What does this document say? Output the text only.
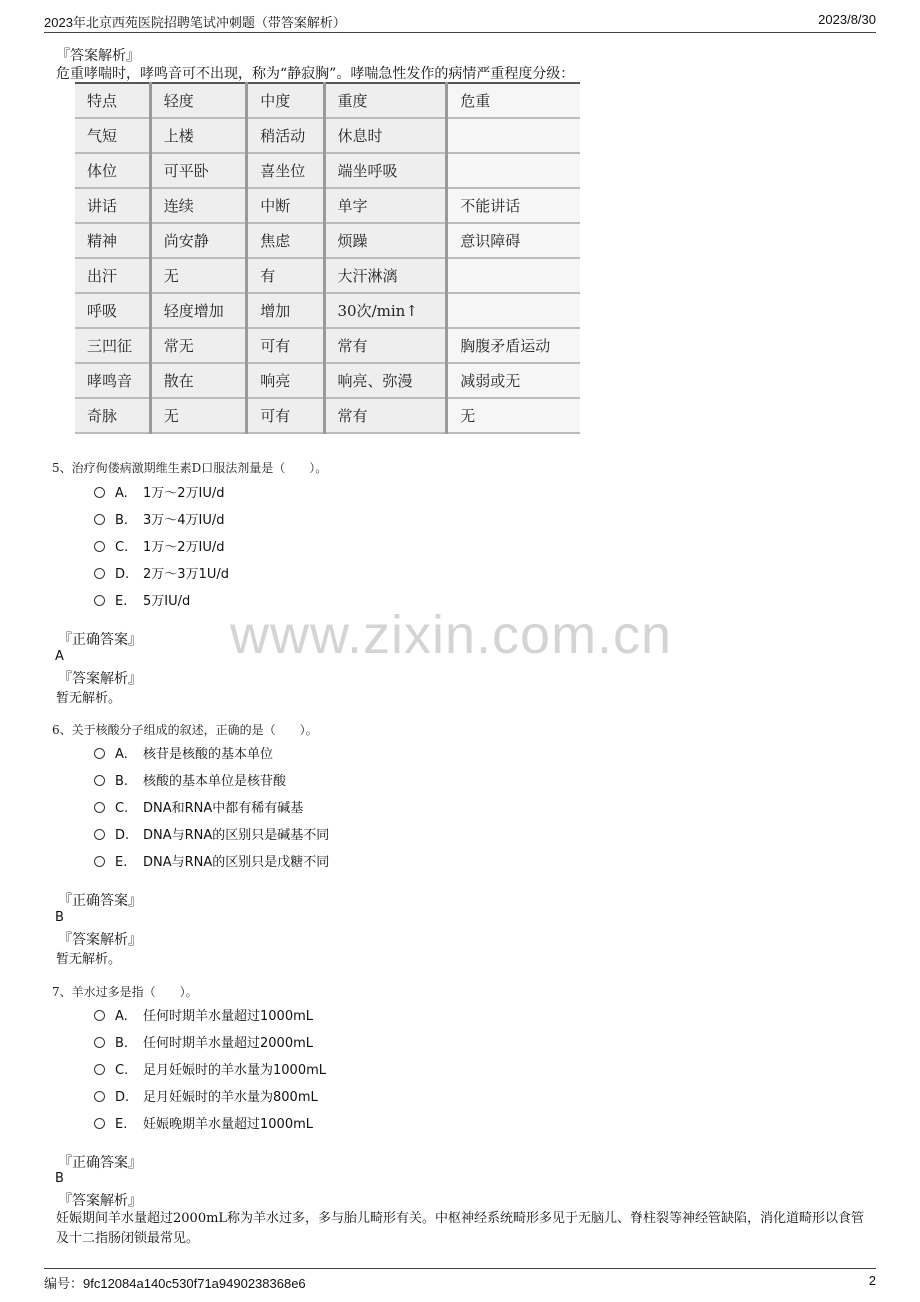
2023年北京西苑医院招聘笔试冲刺题（带答案解析）	2023/8/30
www.zixin.com.cn
『答案解析』
危重哮喘时，哮鸣音可不出现，称为“静寂胸”。哮喘急性发作的病情严重程度分级：
特点	轻度	中度	重度	危重
气短	上楼	稍活动	休息时	
体位	可平卧	喜坐位	端坐呼吸	
讲话	连续	中断	单字	不能讲话
精神	尚安静	焦虑	烦躁	意识障碍
出汗	无	有	大汗淋漓	
呼吸	轻度增加	增加	30次/min↑	
三凹征	常无	可有	常有	胸腹矛盾运动
哮鸣音	散在	响亮	响亮、弥漫	减弱或无
奇脉	无	可有	常有	无
5、治疗佝偻病激期维生素D口服法剂量是（　　）。
A. 1万～2万IU/d
B. 3万～4万IU/d
C. 1万～2万IU/d
D. 2万～3万1U/d
E. 5万IU/d
『正确答案』
A
『答案解析』
暂无解析。
6、关于核酸分子组成的叙述，正确的是（　　）。
A. 核苷是核酸的基本单位
B. 核酸的基本单位是核苷酸
C. DNA和RNA中都有稀有碱基
D. DNA与RNA的区别只是碱基不同
E. DNA与RNA的区别只是戊糖不同
『正确答案』
B
『答案解析』
暂无解析。
7、羊水过多是指（　　）。
A. 任何时期羊水量超过1000mL
B. 任何时期羊水量超过2000mL
C. 足月妊娠时的羊水量为1000mL
D. 足月妊娠时的羊水量为800mL
E. 妊娠晚期羊水量超过1000mL
『正确答案』
B
『答案解析』
妊娠期间羊水量超过2000mL称为羊水过多，多与胎儿畸形有关。中枢神经系统畸形多见于无脑儿、脊柱裂等神经管缺陷，消化道畸形以食管及十二指肠闭锁最常见。
编号：9fc12084a140c530f71a9490238368e6	2
